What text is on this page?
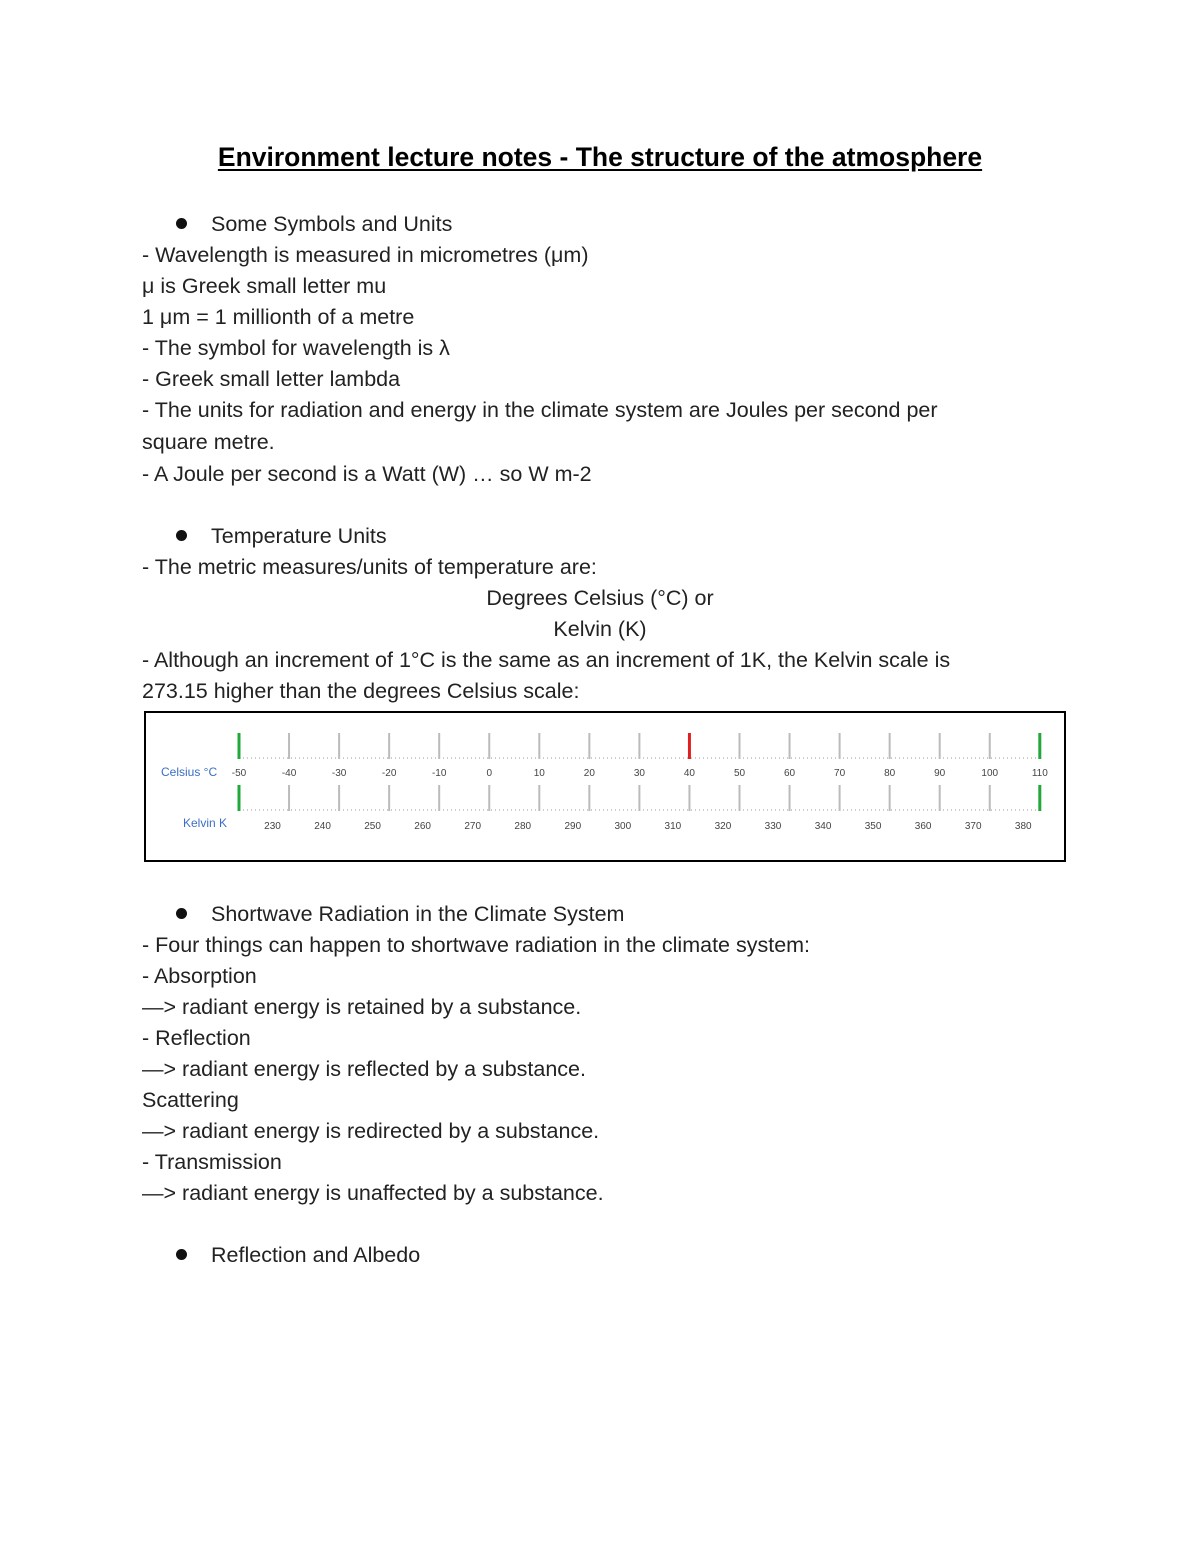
Environment lecture notes - The structure of the atmosphere
Some Symbols and Units
- Wavelength is measured in micrometres (μm)
μ is Greek small letter mu
1 μm = 1 millionth of a metre
- The symbol for wavelength is λ
- Greek small letter lambda
- The units for radiation and energy in the climate system are Joules per second per
square metre.
- A Joule per second is a Watt (W) … so W m-2
Temperature Units
- The metric measures/units of temperature are:
Degrees Celsius (°C) or
Kelvin (K)
- Although an increment of 1°C is the same as an increment of 1K, the Kelvin scale is
273.15 higher than the degrees Celsius scale:
Celsius °C
Kelvin K
-50	-40	-30	-20	-10	0	10	20	30	40	50	60	70	80	90	100	110
230	240	250	260	270	280	290	300	310	320	330	340	350	360	370	380
Shortwave Radiation in the Climate System
- Four things can happen to shortwave radiation in the climate system:
- Absorption
—> radiant energy is retained by a substance.
- Reflection
—> radiant energy is reflected by a substance.
Scattering
—> radiant energy is redirected by a substance.
- Transmission
—> radiant energy is unaffected by a substance.
Reflection and Albedo
